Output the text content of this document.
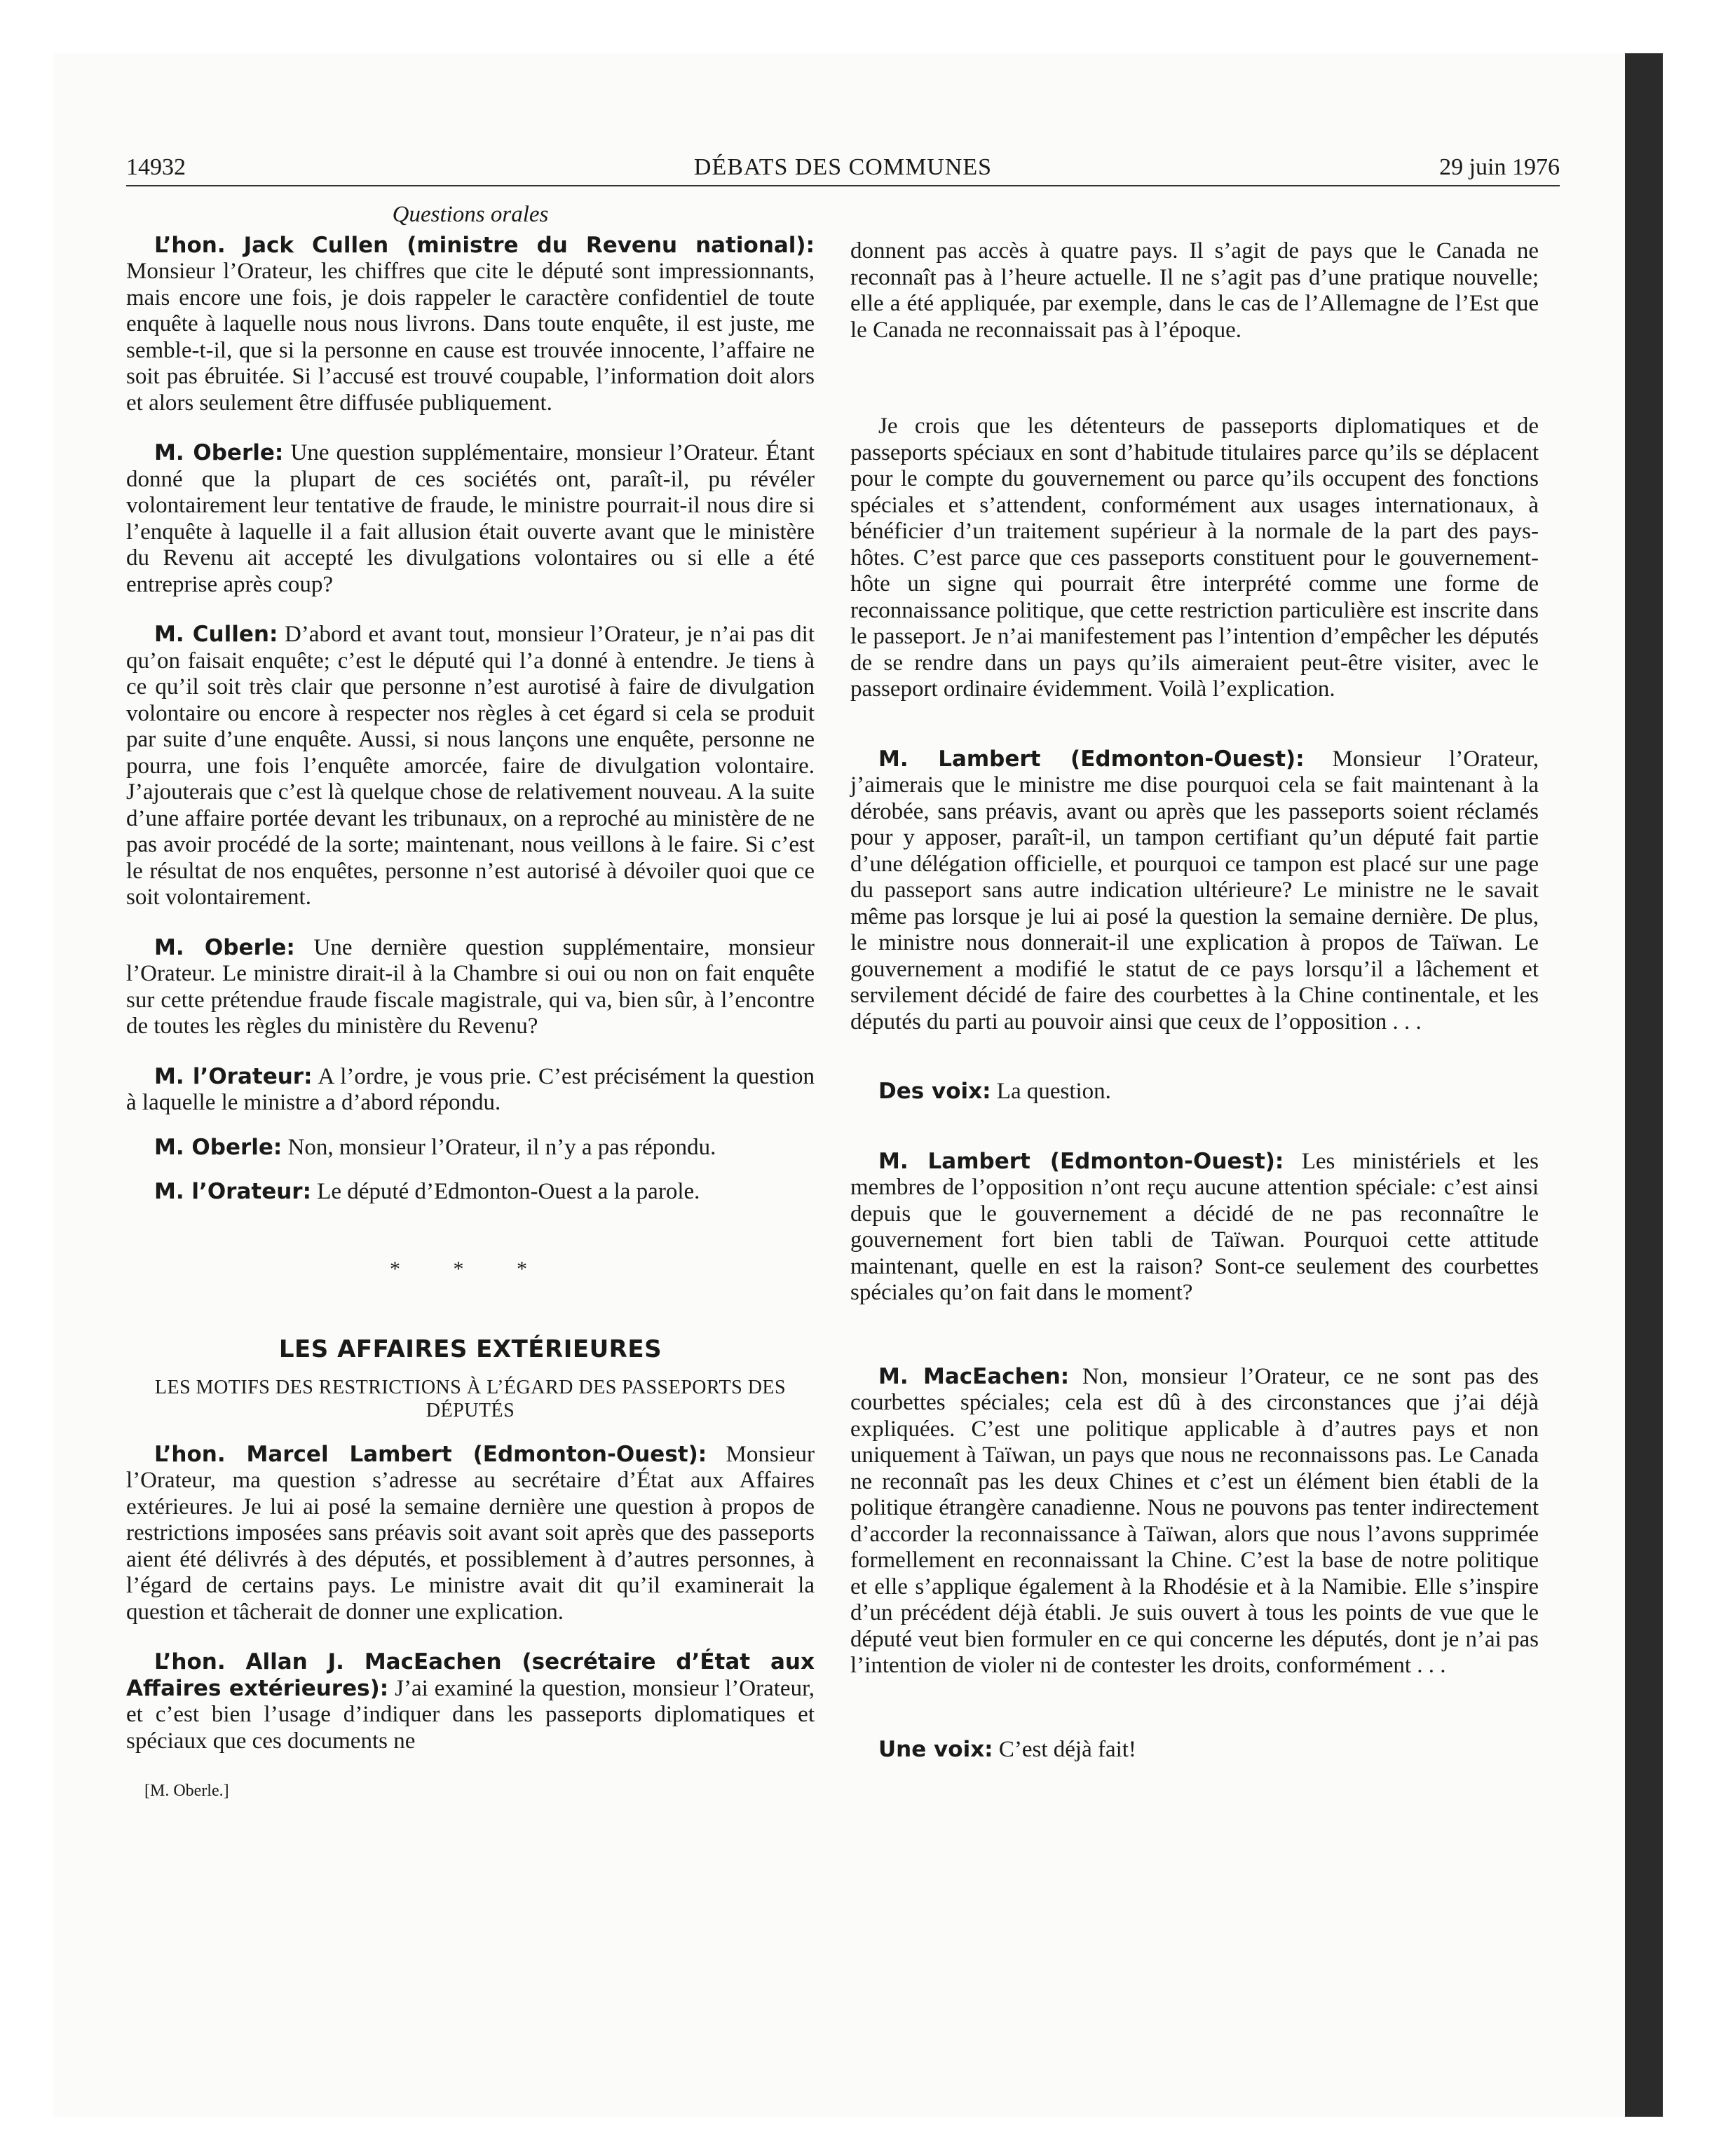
14932	DÉBATS DES COMMUNES	29 juin 1976
Questions orales

L’hon. Jack Cullen (ministre du Revenu national): Monsieur l’Orateur, les chiffres que cite le député sont impressionnants, mais encore une fois, je dois rappeler le caractère confidentiel de toute enquête à laquelle nous nous livrons. Dans toute enquête, il est juste, me semble-t-il, que si la personne en cause est trouvée innocente, l’affaire ne soit pas ébruitée. Si l’accusé est trouvé coupable, l’information doit alors et alors seulement être diffusée publiquement.

M. Oberle: Une question supplémentaire, monsieur l’Orateur. Étant donné que la plupart de ces sociétés ont, paraît-il, pu révéler volontairement leur tentative de fraude, le ministre pourrait-il nous dire si l’enquête à laquelle il a fait allusion était ouverte avant que le ministère du Revenu ait accepté les divulgations volontaires ou si elle a été entreprise après coup?

M. Cullen: D’abord et avant tout, monsieur l’Orateur, je n’ai pas dit qu’on faisait enquête; c’est le député qui l’a donné à entendre. Je tiens à ce qu’il soit très clair que personne n’est aurotisé à faire de divulgation volontaire ou encore à respecter nos règles à cet égard si cela se produit par suite d’une enquête. Aussi, si nous lançons une enquête, personne ne pourra, une fois l’enquête amorcée, faire de divulgation volontaire. J’ajouterais que c’est là quelque chose de relativement nouveau. A la suite d’une affaire portée devant les tribunaux, on a reproché au ministère de ne pas avoir procédé de la sorte; maintenant, nous veillons à le faire. Si c’est le résultat de nos enquêtes, personne n’est autorisé à dévoiler quoi que ce soit volontairement.

M. Oberle: Une dernière question supplémentaire, monsieur l’Orateur. Le ministre dirait-il à la Chambre si oui ou non on fait enquête sur cette prétendue fraude fiscale magistrale, qui va, bien sûr, à l’encontre de toutes les règles du ministère du Revenu?

M. l’Orateur: A l’ordre, je vous prie. C’est précisément la question à laquelle le ministre a d’abord répondu.

M. Oberle: Non, monsieur l’Orateur, il n’y a pas répondu.

M. l’Orateur: Le député d’Edmonton-Ouest a la parole.

* * *
LES AFFAIRES EXTÉRIEURES
LES MOTIFS DES RESTRICTIONS À L’ÉGARD DES PASSEPORTS DES DÉPUTÉS

L’hon. Marcel Lambert (Edmonton-Ouest): Monsieur l’Orateur, ma question s’adresse au secrétaire d’État aux Affaires extérieures. Je lui ai posé la semaine dernière une question à propos de restrictions imposées sans préavis soit avant soit après que des passeports aient été délivrés à des députés, et possiblement à d’autres personnes, à l’égard de certains pays. Le ministre avait dit qu’il examinerait la question et tâcherait de donner une explication.

L’hon. Allan J. MacEachen (secrétaire d’État aux Affaires extérieures): J’ai examiné la question, monsieur l’Orateur, et c’est bien l’usage d’indiquer dans les passeports diplomatiques et spéciaux que ces documents ne

[M. Oberle.]

donnent pas accès à quatre pays. Il s’agit de pays que le Canada ne reconnaît pas à l’heure actuelle. Il ne s’agit pas d’une pratique nouvelle; elle a été appliquée, par exemple, dans le cas de l’Allemagne de l’Est que le Canada ne reconnaissait pas à l’époque.

Je crois que les détenteurs de passeports diplomatiques et de passeports spéciaux en sont d’habitude titulaires parce qu’ils se déplacent pour le compte du gouvernement ou parce qu’ils occupent des fonctions spéciales et s’attendent, conformément aux usages internationaux, à bénéficier d’un traitement supérieur à la normale de la part des pays-hôtes. C’est parce que ces passeports constituent pour le gouvernement-hôte un signe qui pourrait être interprété comme une forme de reconnaissance politique, que cette restriction particulière est inscrite dans le passeport. Je n’ai manifestement pas l’intention d’empêcher les députés de se rendre dans un pays qu’ils aimeraient peut-être visiter, avec le passeport ordinaire évidemment. Voilà l’explication.

M. Lambert (Edmonton-Ouest): Monsieur l’Orateur, j’aimerais que le ministre me dise pourquoi cela se fait maintenant à la dérobée, sans préavis, avant ou après que les passeports soient réclamés pour y apposer, paraît-il, un tampon certifiant qu’un député fait partie d’une délégation officielle, et pourquoi ce tampon est placé sur une page du passeport sans autre indication ultérieure? Le ministre ne le savait même pas lorsque je lui ai posé la question la semaine dernière. De plus, le ministre nous donnerait-il une explication à propos de Taïwan. Le gouvernement a modifié le statut de ce pays lorsqu’il a lâchement et servilement décidé de faire des courbettes à la Chine continentale, et les députés du parti au pouvoir ainsi que ceux de l’opposition . . .

Des voix: La question.

M. Lambert (Edmonton-Ouest): Les ministériels et les membres de l’opposition n’ont reçu aucune attention spéciale: c’est ainsi depuis que le gouvernement a décidé de ne pas reconnaître le gouvernement fort bien tabli de Taïwan. Pourquoi cette attitude maintenant, quelle en est la raison? Sont-ce seulement des courbettes spéciales qu’on fait dans le moment?

M. MacEachen: Non, monsieur l’Orateur, ce ne sont pas des courbettes spéciales; cela est dû à des circonstances que j’ai déjà expliquées. C’est une politique applicable à d’autres pays et non uniquement à Taïwan, un pays que nous ne reconnaissons pas. Le Canada ne reconnaît pas les deux Chines et c’est un élément bien établi de la politique étrangère canadienne. Nous ne pouvons pas tenter indirectement d’accorder la reconnaissance à Taïwan, alors que nous l’avons supprimée formellement en reconnaissant la Chine. C’est la base de notre politique et elle s’applique également à la Rhodésie et à la Namibie. Elle s’inspire d’un précédent déjà établi. Je suis ouvert à tous les points de vue que le député veut bien formuler en ce qui concerne les députés, dont je n’ai pas l’intention de violer ni de contester les droits, conformément . . .

Une voix: C’est déjà fait!
